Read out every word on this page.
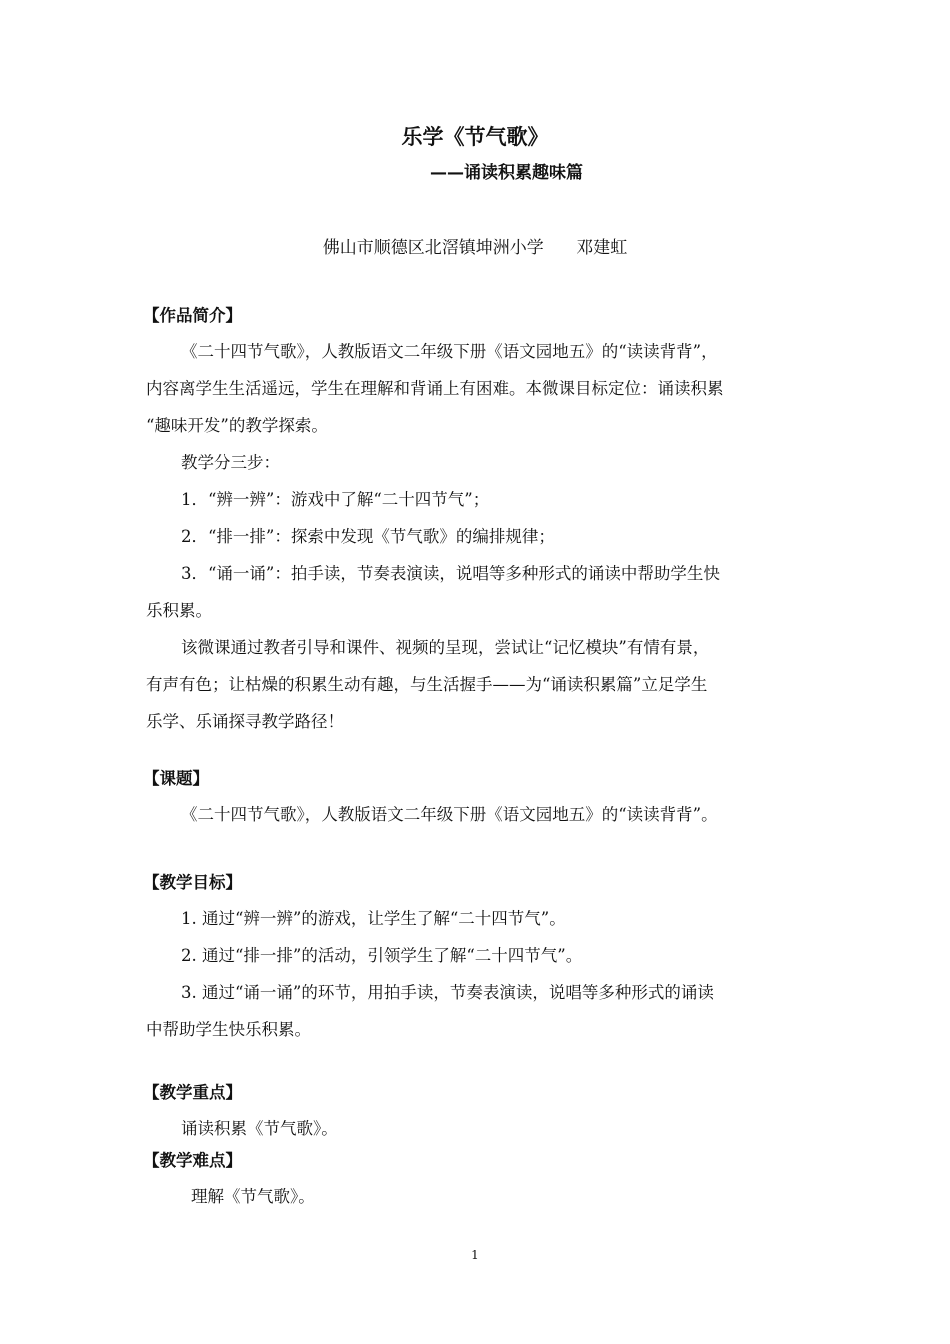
乐学《节气歌》
——诵读积累趣味篇
佛山市顺德区北滘镇坤洲小学      邓建虹
【作品简介】
《二十四节气歌》，人教版语文二年级下册《语文园地五》的“读读背背”，
内容离学生生活遥远，学生在理解和背诵上有困难。本微课目标定位：诵读积累
“趣味开发”的教学探索。
教学分三步：
1．“辨一辨”：游戏中了解“二十四节气”；
2．“排一排”：探索中发现《节气歌》的编排规律；
3．“诵一诵”：拍手读，节奏表演读，说唱等多种形式的诵读中帮助学生快
乐积累。
该微课通过教者引导和课件、视频的呈现，尝试让“记忆模块”有情有景，
有声有色；让枯燥的积累生动有趣，与生活握手——为“诵读积累篇”立足学生
乐学、乐诵探寻教学路径！
【课题】
《二十四节气歌》，人教版语文二年级下册《语文园地五》的“读读背背”。
【教学目标】
1. 通过“辨一辨”的游戏，让学生了解“二十四节气”。
2. 通过“排一排”的活动，引领学生了解“二十四节气”。
3. 通过“诵一诵”的环节，用拍手读，节奏表演读，说唱等多种形式的诵读
中帮助学生快乐积累。
【教学重点】
诵读积累《节气歌》。
【教学难点】
理解《节气歌》。
1
